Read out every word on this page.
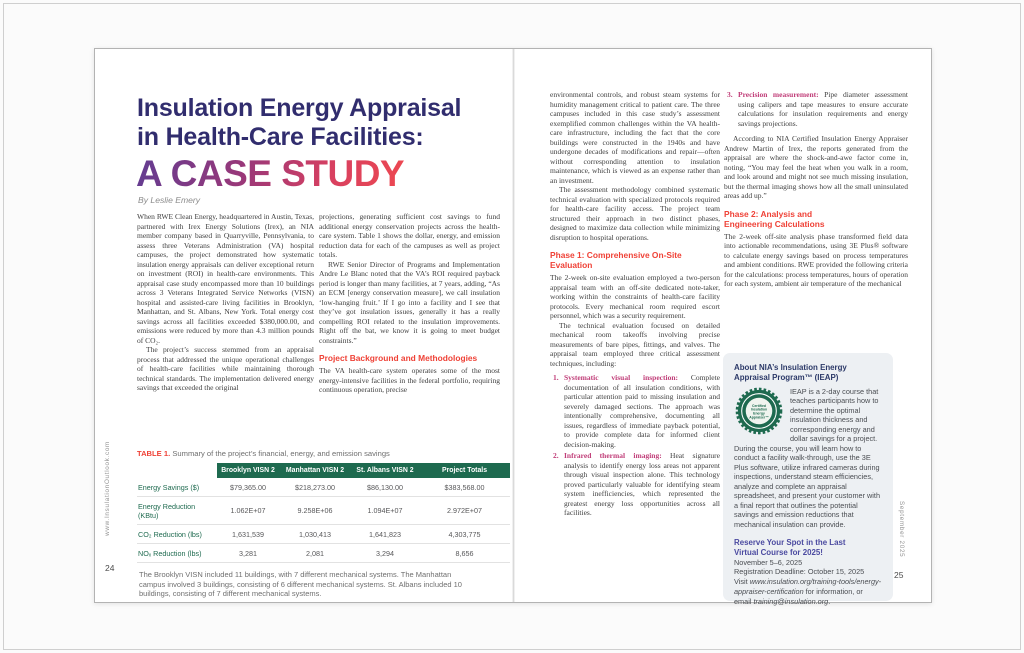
Insulation Energy Appraisal
in Health-Care Facilities:
A CASE STUDY
By Leslie Emery

When RWE Clean Energy, headquartered in Austin, Texas, partnered with Irex Energy Solutions (Irex), an NIA member company based in Quarryville, Pennsylvania, to assess three Veterans Administration (VA) hospital campuses, the project demonstrated how systematic insulation energy appraisals can deliver exceptional return on investment (ROI) in health-care environments. This appraisal case study encompassed more than 10 buildings across 3 Veterans Integrated Service Networks (VISN) hospital and assisted-care living facilities in Brooklyn, Manhattan, and St. Albans, New York. Total energy cost savings across all facilities exceeded $380,000.00, and emissions were reduced by more than 4.3 million pounds of CO₂.

The project’s success stemmed from an appraisal process that addressed the unique operational challenges of health-care facilities while maintaining thorough technical standards. The implementation delivered energy savings that exceeded the original

projections, generating sufficient cost savings to fund additional energy conservation projects across the health-care system. Table 1 shows the dollar, energy, and emission reduction data for each of the campuses as well as project totals.

RWE Senior Director of Programs and Implementation Andre Le Blanc noted that the VA’s ROI required payback period is longer than many facilities, at 7 years, adding, “As an ECM [energy conservation measure], we call insulation ‘low-hanging fruit.’ If I go into a facility and I see that they’ve got insulation issues, generally it has a really compelling ROI related to the insulation improvements. Right off the bat, we know it is going to meet budget constraints.”

Project Background and Methodologies

The VA health-care system operates some of the most energy-intensive facilities in the federal portfolio, requiring continuous operation, precise

TABLE 1. Summary of the project’s financial, energy, and emission savings
	Brooklyn VISN 2	Manhattan VISN 2	St. Albans VISN 2	Project Totals
Energy Savings ($)	$79,365.00	$218,273.00	$86,130.00	$383,568.00
Energy Reduction (KBtu)	1.062E+07	9.258E+06	1.094E+07	2.972E+07
CO₂ Reduction (lbs)	1,631,539	1,030,413	1,641,823	4,303,775
NOₓ Reduction (lbs)	3,281	2,081	3,294	8,656
The Brooklyn VISN included 11 buildings, with 7 different mechanical systems. The Manhattan campus involved 3 buildings, consisting of 6 different mechanical systems. St. Albans included 10 buildings, consisting of 7 different mechanical systems.
www.InsulationOutlook.com
24

environmental controls, and robust steam systems for humidity management critical to patient care. The three campuses included in this case study’s assessment exemplified common challenges within the VA health-care infrastructure, including the fact that the core buildings were constructed in the 1940s and have undergone decades of modifications and repair—often without corresponding attention to insulation maintenance, which is viewed as an expense rather than an investment.

The assessment methodology combined systematic technical evaluation with specialized protocols required for health-care facility access. The project team structured their approach in two distinct phases, designed to maximize data collection while minimizing disruption to hospital operations.

Phase 1: Comprehensive On-Site Evaluation

The 2-week on-site evaluation employed a two-person appraisal team with an off-site dedicated note-taker, working within the constraints of health-care facility protocols. Every mechanical room required escort personnel, which was a security requirement.

The technical evaluation focused on detailed mechanical room takeoffs involving precise measurements of bare pipes, fittings, and valves. The appraisal team employed three critical assessment techniques, including:

1. Systematic visual inspection: Complete documentation of all insulation conditions, with particular attention paid to missing insulation and severely damaged sections. The approach was intentionally comprehensive, documenting all issues, regardless of immediate payback potential, to provide complete data for informed client decision-making.
2. Infrared thermal imaging: Heat signature analysis to identify energy loss areas not apparent through visual inspection alone. This technology proved particularly valuable for identifying steam system inefficiencies, which represented the greatest energy loss opportunities across all facilities.
3. Precision measurement: Pipe diameter assessment using calipers and tape measures to ensure accurate calculations for insulation requirements and energy savings projections.

According to NIA Certified Insulation Energy Appraiser Andrew Martin of Irex, the reports generated from the appraisal are where the shock-and-awe factor come in, noting, “You may feel the heat when you walk in a room, and look around and might not see much missing insulation, but the thermal imaging shows how all the small uninsulated areas add up.”

Phase 2: Analysis and
Engineering Calculations

The 2-week off-site analysis phase transformed field data into actionable recommendations, using 3E Plus® software to calculate energy savings based on process temperatures and ambient conditions. RWE provided the following criteria for the calculations: process temperatures, hours of operation for each system, ambient air temperature of the mechanical

About NIA’s Insulation Energy
Appraisal Program™ (IEAP)
Certified
Insulation
Energy
Appraiser™
IEAP is a 2-day course that teaches participants how to determine the optimal insulation thickness and corresponding energy and dollar savings for a project. During the course, you will learn how to conduct a facility walk-through, use the 3E Plus software, utilize infrared cameras during inspections, understand steam efficiencies, analyze and complete an appraisal spreadsheet, and present your customer with a final report that outlines the potential savings and emission reductions that mechanical insulation can provide.
Reserve Your Spot in the Last
Virtual Course for 2025!
November 5–6, 2025
Registration Deadline: October 15, 2025
Visit www.insulation.org/training-tools/energy-appraiser-certification for information, or email training@insulation.org.
September 2025
25
